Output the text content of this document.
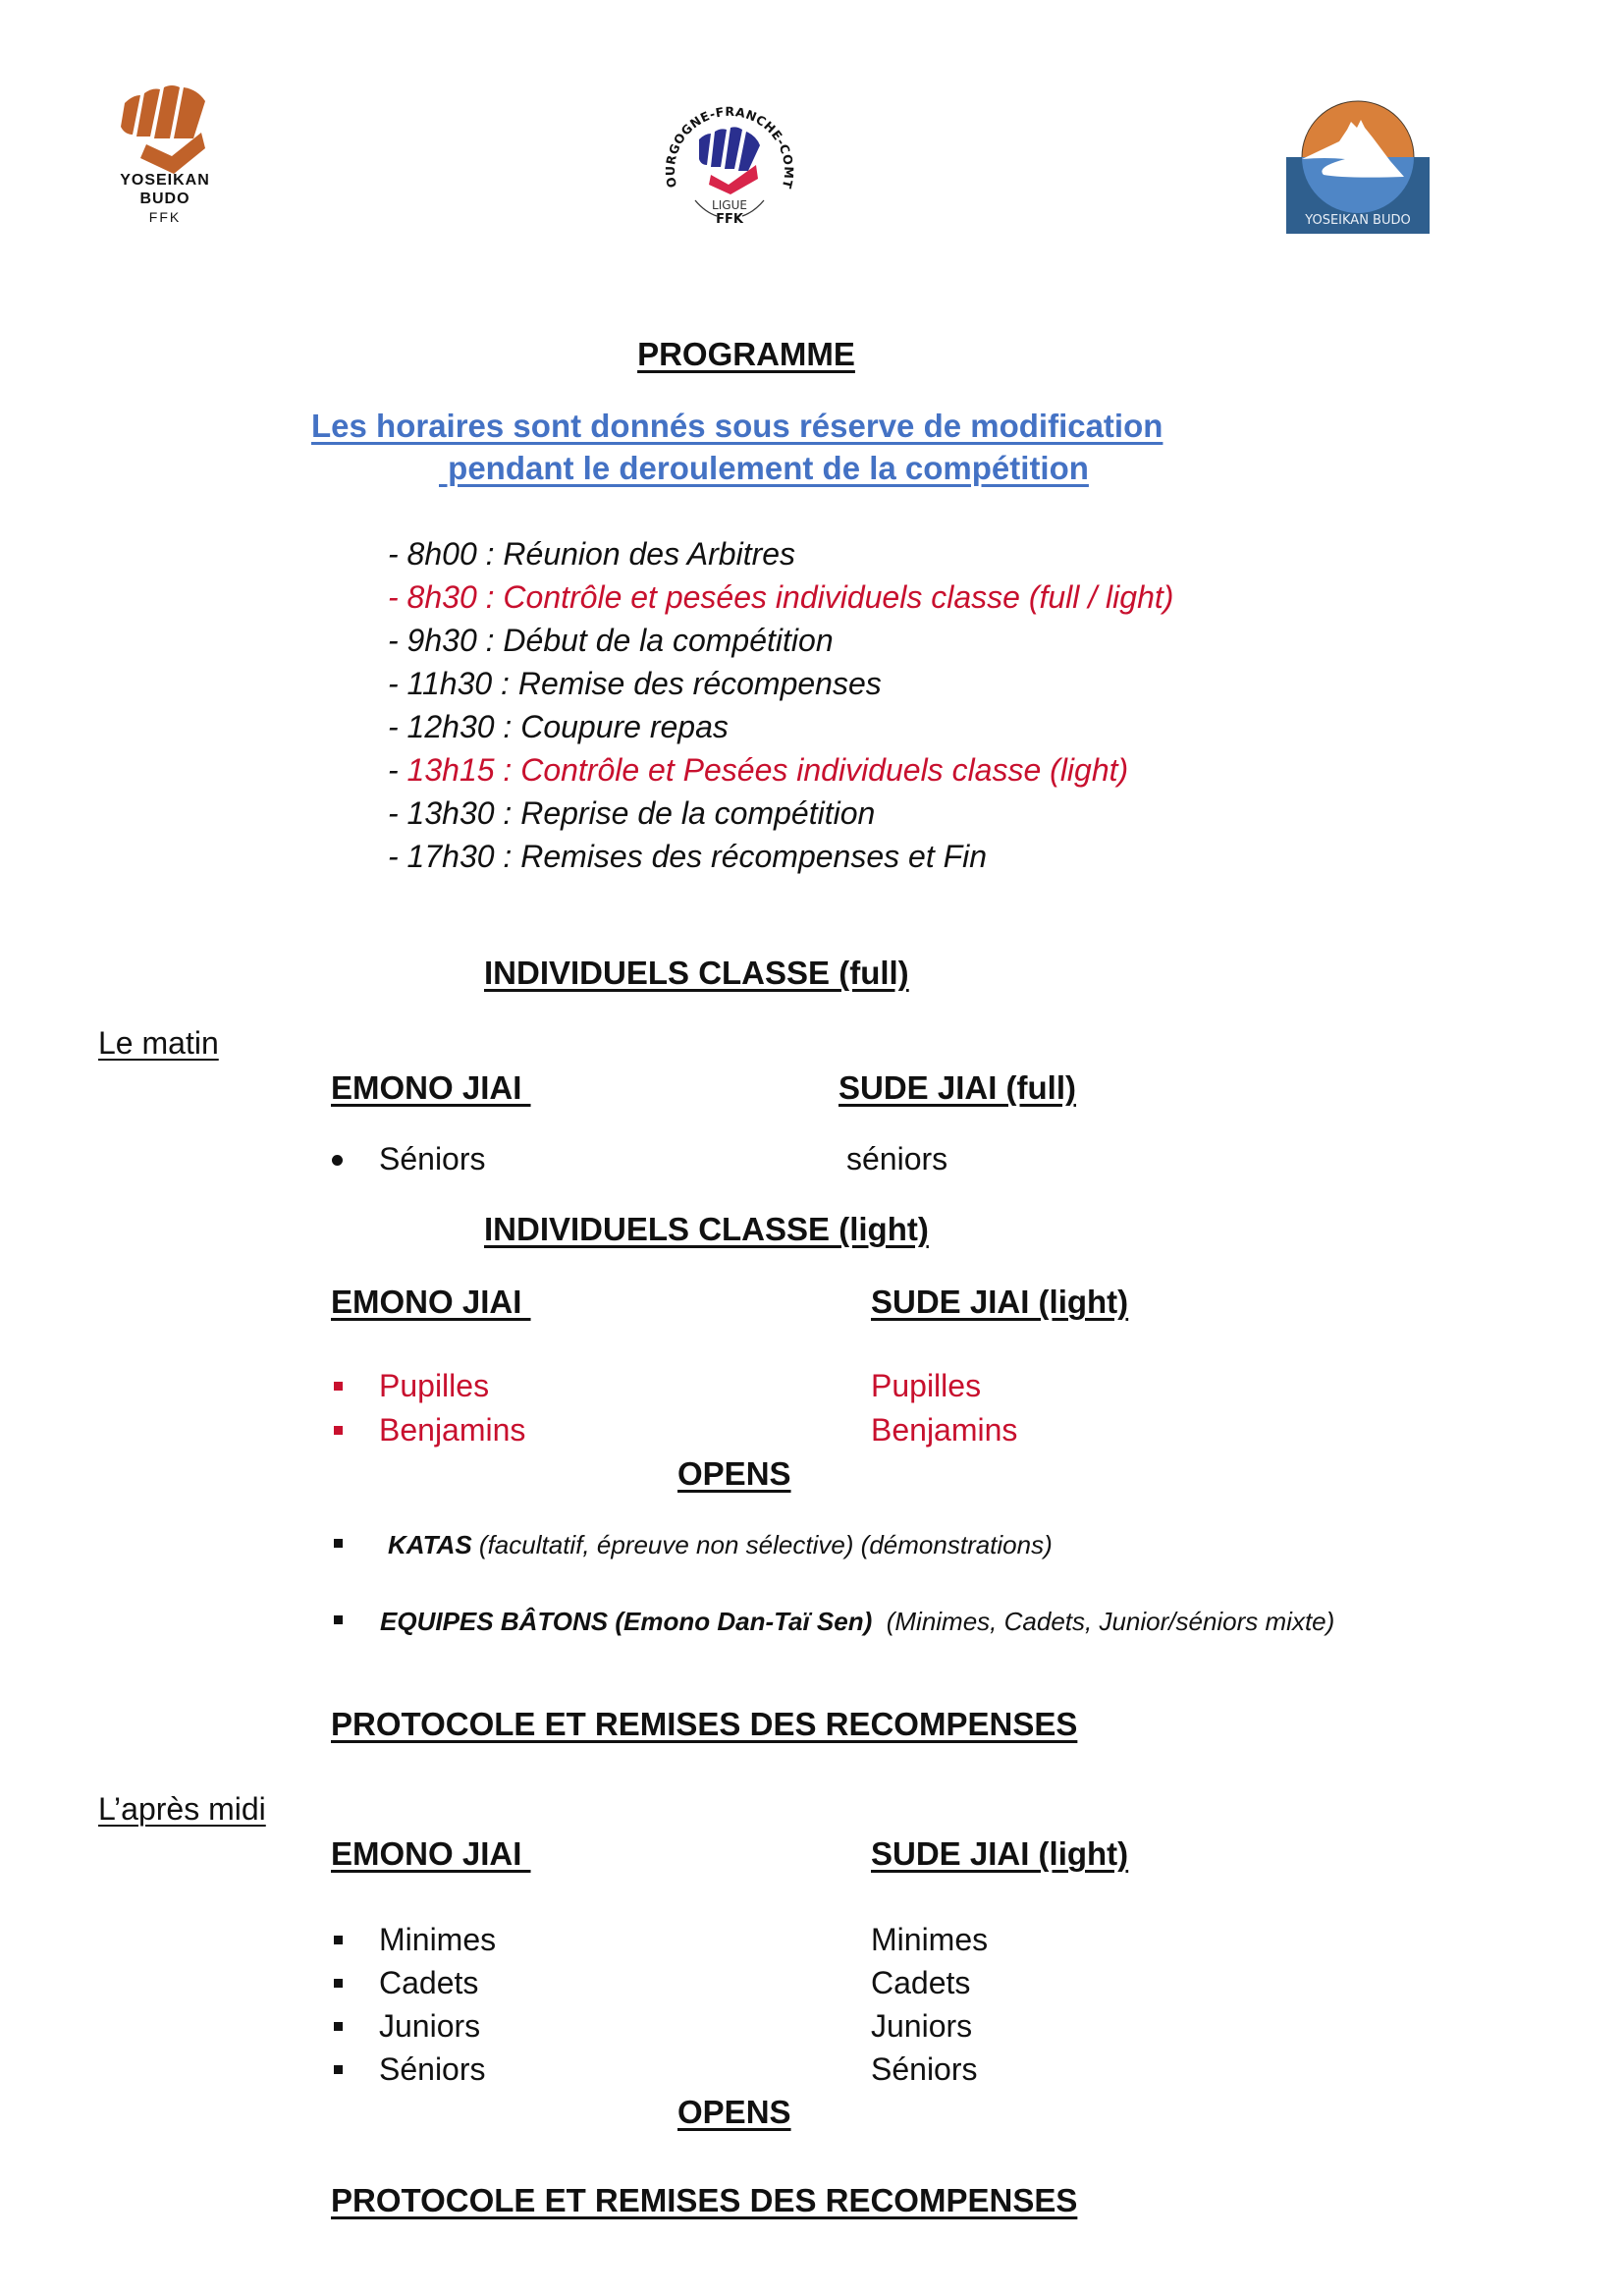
YOSEIKAN
BUDO
FFK
OURGOGNE-FRANCHE-COMT
LIGUE
FFK	YOSEIKAN BUDO
PROGRAMME
Les horaires sont donnés sous réserve de modification
pendant le deroulement de la compétition
- 8h00 : Réunion des Arbitres
- 8h30 : Contrôle et pesées individuels classe (full / light)
- 9h30 : Début de la compétition
- 11h30 : Remise des récompenses
- 12h30 : Coupure repas
- 13h15 : Contrôle et Pesées individuels classe (light)
- 13h30 : Reprise de la compétition
- 17h30 : Remises des récompenses et Fin
INDIVIDUELS CLASSE (full)
Le matin
EMONO JIAI	SUDE JIAI (full)
Séniors	séniors
INDIVIDUELS CLASSE (light)
EMONO JIAI	SUDE JIAI (light)
Pupilles	Pupilles
Benjamins	Benjamins
OPENS
KATAS (facultatif, épreuve non sélective) (démonstrations)
EQUIPES BÂTONS (Emono Dan-Taï Sen)  (Minimes, Cadets, Junior/séniors mixte)
PROTOCOLE ET REMISES DES RECOMPENSES
L’après midi
EMONO JIAI	SUDE JIAI (light)
Minimes	Minimes
Cadets	Cadets
Juniors	Juniors
Séniors	Séniors
OPENS
PROTOCOLE ET REMISES DES RECOMPENSES
